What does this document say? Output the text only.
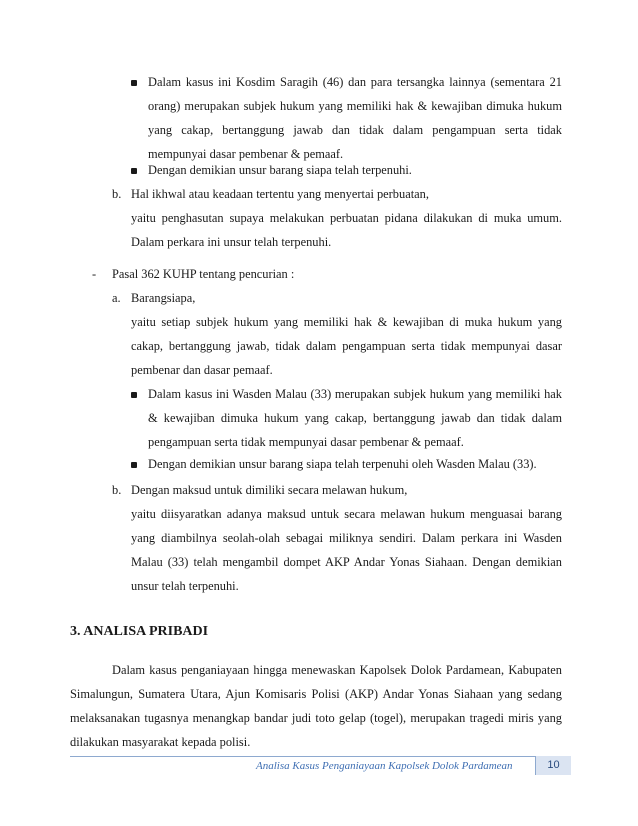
Dalam kasus ini Kosdim Saragih (46) dan para tersangka lainnya (sementara 21
orang) merupakan subjek hukum yang memiliki hak & kewajiban dimuka hukum
yang cakap, bertanggung jawab dan tidak dalam pengampuan serta tidak
mempunyai dasar pembenar & pemaaf.
Dengan demikian unsur barang siapa telah terpenuhi.
b. Hal ikhwal atau keadaan tertentu yang menyertai perbuatan,
yaitu penghasutan supaya melakukan perbuatan pidana dilakukan di muka umum.
Dalam perkara ini unsur telah terpenuhi.
- Pasal 362 KUHP tentang pencurian :
a. Barangsiapa,
yaitu setiap subjek hukum yang memiliki hak & kewajiban di muka hukum yang
cakap, bertanggung jawab, tidak dalam pengampuan serta tidak mempunyai dasar
pembenar dan dasar pemaaf.
Dalam kasus ini Wasden Malau (33) merupakan subjek hukum yang memiliki hak
& kewajiban dimuka hukum yang cakap, bertanggung jawab dan tidak dalam
pengampuan serta tidak mempunyai dasar pembenar & pemaaf.
Dengan demikian unsur barang siapa telah terpenuhi oleh Wasden Malau (33).
b. Dengan maksud untuk dimiliki secara melawan hukum,
yaitu diisyaratkan adanya maksud untuk secara melawan hukum menguasai barang
yang diambilnya seolah-olah sebagai miliknya sendiri. Dalam perkara ini Wasden
Malau (33) telah mengambil dompet AKP Andar Yonas Siahaan. Dengan demikian
unsur telah terpenuhi.
3. ANALISA PRIBADI
Dalam kasus penganiayaan hingga menewaskan Kapolsek Dolok Pardamean, Kabupaten
Simalungun, Sumatera Utara, Ajun Komisaris Polisi (AKP) Andar Yonas Siahaan yang sedang
melaksanakan tugasnya menangkap bandar judi toto gelap (togel), merupakan tragedi miris yang
dilakukan masyarakat kepada polisi.
Analisa Kasus Penganiayaan Kapolsek Dolok Pardamean	10
